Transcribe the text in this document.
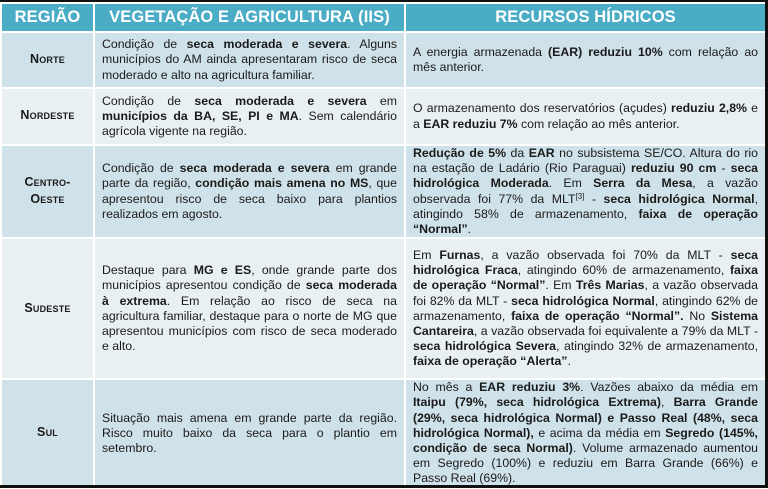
REGIÃO	VEGETAÇÃO E AGRICULTURA (IIS)	RECURSOS HÍDRICOS
Norte	Condição de seca moderada e severa. Alguns municípios do AM ainda apresentaram risco de seca moderado e alto na agricultura familiar.	A energia armazenada (EAR) reduziu 10% com relação ao mês anterior.
Nordeste	Condição de seca moderada e severa em municípios da BA, SE, PI e MA. Sem calendário agrícola vigente na região.	O armazenamento dos reservatórios (açudes) reduziu 2,8% e a EAR reduziu 7% com relação ao mês anterior.
Centro-Oeste	Condição de seca moderada e severa em grande parte da região, condição mais amena no MS, que apresentou risco de seca baixo para plantios realizados em agosto.	Redução de 5% da EAR no subsistema SE/CO. Altura do rio na estação de Ladário (Rio Paraguai) reduziu 90 cm - seca hidrológica Moderada. Em Serra da Mesa, a vazão observada foi 77% da MLT[3] - seca hidrológica Normal, atingindo 58% de armazenamento, faixa de operação “Normal”.
Sudeste	Destaque para MG e ES, onde grande parte dos municípios apresentou condição de seca moderada à extrema. Em relação ao risco de seca na agricultura familiar, destaque para o norte de MG que apresentou municípios com risco de seca moderado e alto.	Em Furnas, a vazão observada foi 70% da MLT - seca hidrológica Fraca, atingindo 60% de armazenamento, faixa de operação “Normal”. Em Três Marias, a vazão observada foi 82% da MLT - seca hidrológica Normal, atingindo 62% de armazenamento, faixa de operação “Normal”. No Sistema Cantareira, a vazão observada foi equivalente a 79% da MLT - seca hidrológica Severa, atingindo 32% de armazenamento, faixa de operação “Alerta”.
Sul	Situação mais amena em grande parte da região. Risco muito baixo da seca para o plantio em setembro.	No mês a EAR reduziu 3%. Vazões abaixo da média em Itaipu (79%, seca hidrológica Extrema), Barra Grande (29%, seca hidrológica Normal) e Passo Real (48%, seca hidrológica Normal), e acima da média em Segredo (145%, condição de seca Normal). Volume armazenado aumentou em Segredo (100%) e reduziu em Barra Grande (66%) e Passo Real (69%).
